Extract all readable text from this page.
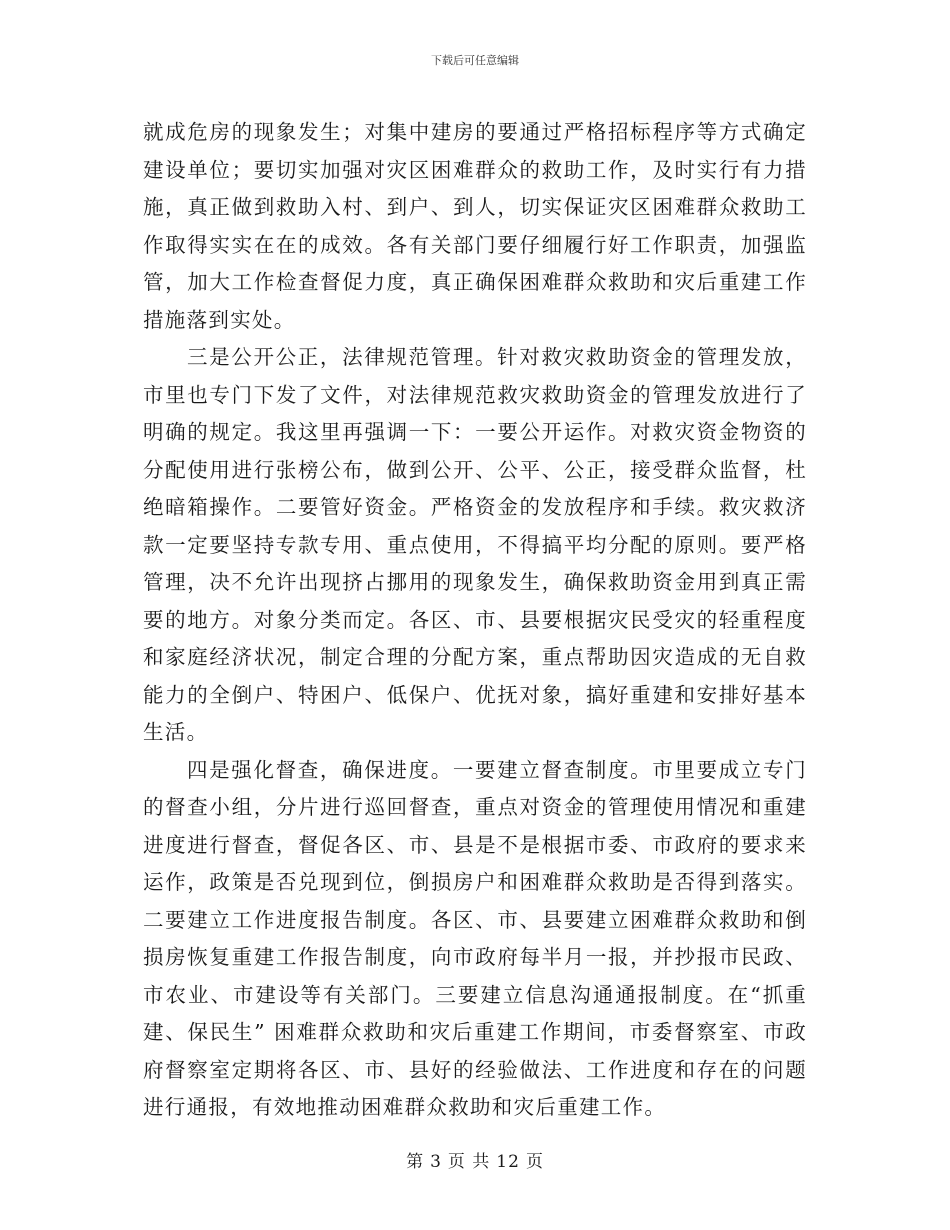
下载后可任意编辑

就成危房的现象发生；对集中建房的要通过严格招标程序等方式确定建设单位；要切实加强对灾区困难群众的救助工作，及时实行有力措施，真正做到救助入村、到户、到人，切实保证灾区困难群众救助工作取得实实在在的成效。各有关部门要仔细履行好工作职责，加强监管，加大工作检查督促力度，真正确保困难群众救助和灾后重建工作措施落到实处。

三是公开公正，法律规范管理。针对救灾救助资金的管理发放，市里也专门下发了文件，对法律规范救灾救助资金的管理发放进行了明确的规定。我这里再强调一下：一要公开运作。对救灾资金物资的分配使用进行张榜公布，做到公开、公平、公正，接受群众监督，杜绝暗箱操作。二要管好资金。严格资金的发放程序和手续。救灾救济款一定要坚持专款专用、重点使用，不得搞平均分配的原则。要严格管理，决不允许出现挤占挪用的现象发生，确保救助资金用到真正需要的地方。对象分类而定。各区、市、县要根据灾民受灾的轻重程度和家庭经济状况，制定合理的分配方案，重点帮助因灾造成的无自救能力的全倒户、特困户、低保户、优抚对象，搞好重建和安排好基本生活。

四是强化督查，确保进度。一要建立督查制度。市里要成立专门的督查小组，分片进行巡回督查，重点对资金的管理使用情况和重建进度进行督查，督促各区、市、县是不是根据市委、市政府的要求来运作，政策是否兑现到位，倒损房户和困难群众救助是否得到落实。二要建立工作进度报告制度。各区、市、县要建立困难群众救助和倒损房恢复重建工作报告制度，向市政府每半月一报，并抄报市民政、市农业、市建设等有关部门。三要建立信息沟通通报制度。在“抓重建、保民生” 困难群众救助和灾后重建工作期间，市委督察室、市政府督察室定期将各区、市、县好的经验做法、工作进度和存在的问题进行通报，有效地推动困难群众救助和灾后重建工作。

第 3 页 共 12 页
